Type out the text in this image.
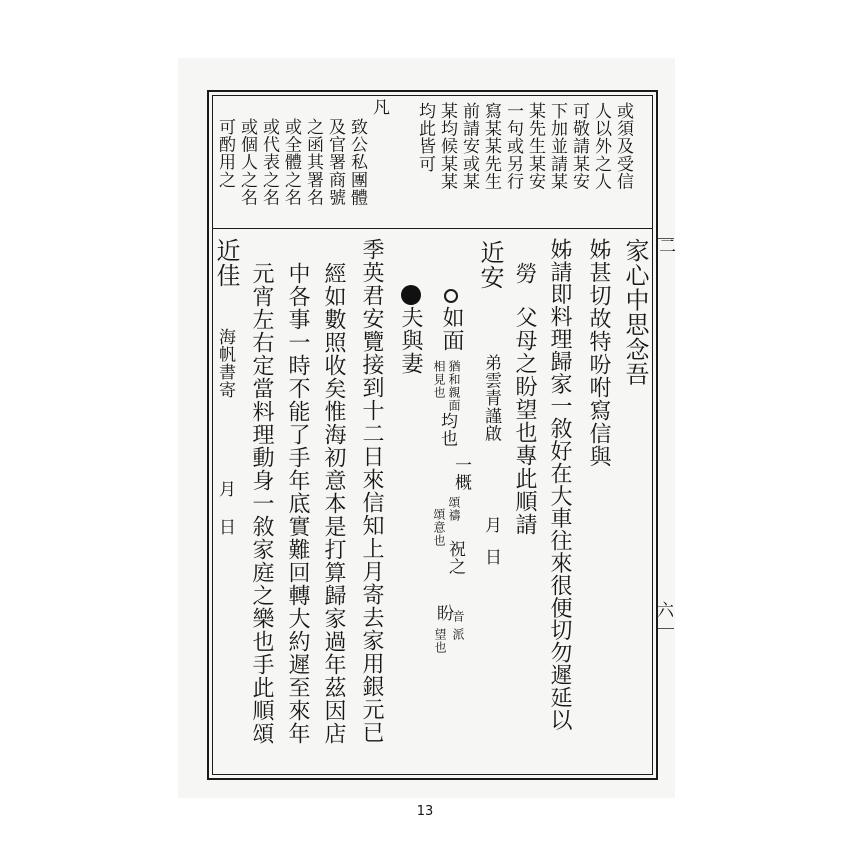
二
六
或須及受信
人以外之人
可敬請某安
下加並請某
某先生某安
一句或另行
寫某某先生
前請安或某
某均候某某
均此皆可
凡
致公私團體
及官署商號
之函其署名
或全體之名
或代表之名
或個人之名
可酌用之
家心中思念吾
姊甚切故特吩咐寫信與
姊請即料理歸家一敘好在大車往來很便切勿遲延以
勞
父母之盼望也專此順請
近安
弟雲青謹啟
月
日
如面
猶和親面
相見也
均也
一概
頌禱
頌意也
祝之
盼
望也
音
派
夫與妻
季英君安覽接到十二日來信知上月寄去家用銀元已
經如數照收矣惟海初意本是打算歸家過年茲因店
中各事一時不能了手年底實難回轉大約遲至來年
元宵左右定當料理動身一敘家庭之樂也手此順頌
近佳
海帆書寄
月
日
13
